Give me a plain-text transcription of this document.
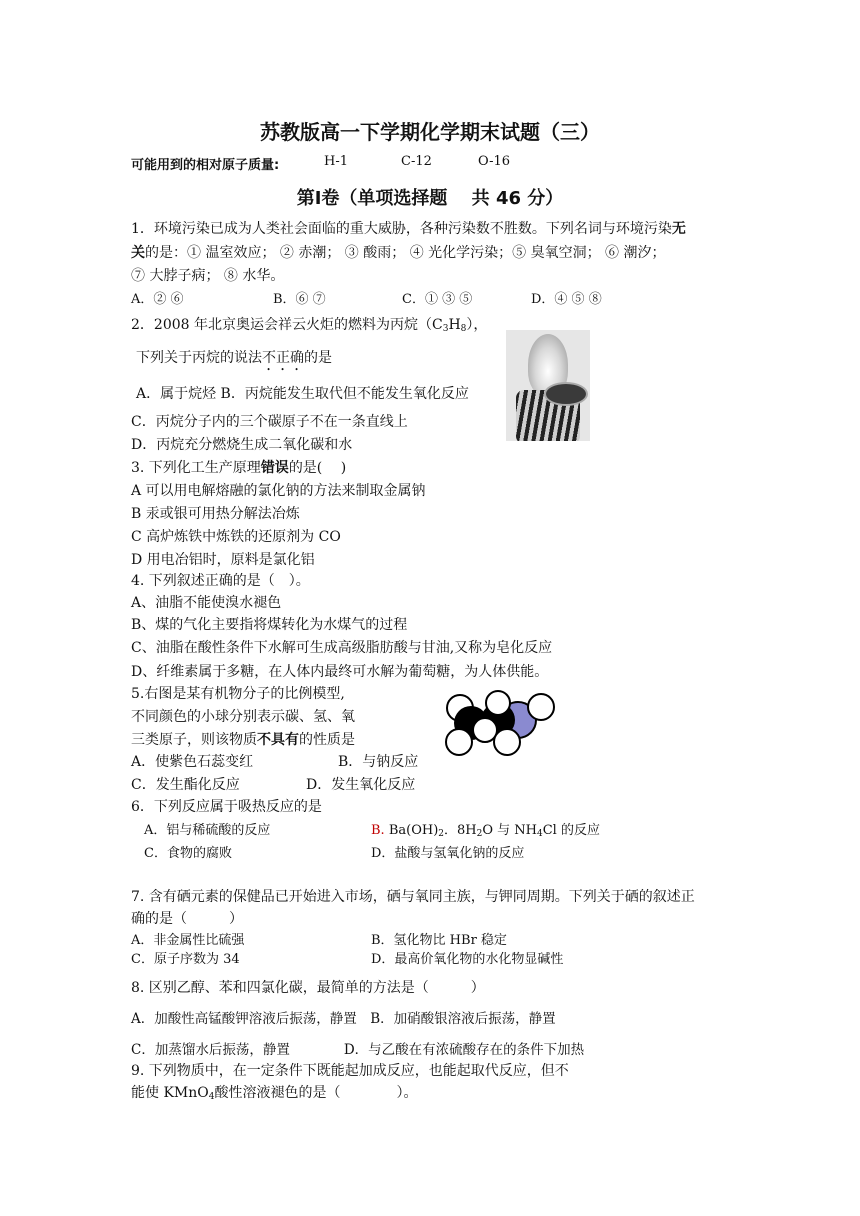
苏教版高一下学期化学期末试题（三）
可能用到的相对原子质量:	H-1	C-12	O-16
第Ⅰ卷（单项选择题　 共 46 分）
1．环境污染已成为人类社会面临的重大威胁，各种污染数不胜数。下列名词与环境污染无
关的是：① 温室效应； ② 赤潮； ③ 酸雨； ④ 光化学污染；⑤ 臭氧空洞； ⑥ 潮汐；
⑦ 大脖子病； ⑧ 水华。
A．② ⑥	B．⑥ ⑦	C．① ③ ⑤	D．④ ⑤ ⑧
2．2008 年北京奥运会祥云火炬的燃料为丙烷$(C_3H_8)$，
下列关于丙烷的说法不正确的是
A．属于烷烃 B．丙烷能发生取代但不能发生氧化反应
C．丙烷分子内的三个碳原子不在一条直线上
D．丙烷充分燃烧生成二氧化碳和水
3. 下列化工生产原理错误的是(　 )
A 可以用电解熔融的氯化钠的方法来制取金属钠
B 汞或银可用热分解法冶炼
C 高炉炼铁中炼铁的还原剂为 CO
D 用电冶铝时，原料是氯化铝
4. 下列叙述正确的是（　）。
A、油脂不能使溴水褪色
B、煤的气化主要指将煤转化为水煤气的过程
C、油脂在酸性条件下水解可生成高级脂肪酸与甘油,又称为皂化反应
D、纤维素属于多糖，在人体内最终可水解为葡萄糖，为人体供能。
5.右图是某有机物分子的比例模型,
不同颜色的小球分别表示碳、氢、氧
三类原子，则该物质不具有的性质是
A．使紫色石蕊变红	B．与钠反应
C．发生酯化反应	D．发生氧化反应
6．下列反应属于吸热反应的是
A．铝与稀硫酸的反应	B. $Ba(OH)_2$．$8H_2O$ 与 $NH_4Cl$ 的反应
C．食物的腐败	D．盐酸与氢氧化钠的反应
7. 含有硒元素的保健品已开始进入市场，硒与氧同主族，与钾同周期。下列关于硒的叙述正
确的是（　　　）
A．非金属性比硫强	B．氢化物比 HBr 稳定
C．原子序数为 34	D．最高价氧化物的水化物显碱性
8. 区别乙醇、苯和四氯化碳，最简单的方法是（　　　）
A．加酸性高锰酸钾溶液后振荡，静置　B．加硝酸银溶液后振荡，静置
C．加蒸馏水后振荡，静置　　　　D．与乙酸在有浓硫酸存在的条件下加热
9. 下列物质中，在一定条件下既能起加成反应，也能起取代反应，但不
能使 KMnO$_4$酸性溶液褪色的是（　　　　）。
